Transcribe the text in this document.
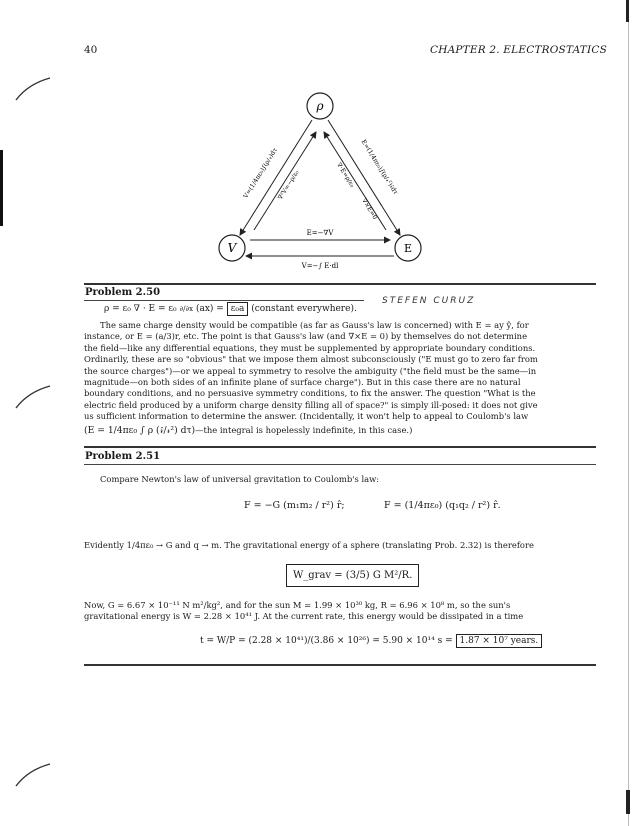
40	CHAPTER 2. ELECTROSTATICS
ρ
V	E
E=−∇V
V=−∫ E·dl
V=(1/4πε₀)∫(ρ/𝓇)dτ
∇²V=−ρ/ε₀	∇·E=ρ/ε₀
∇×E=0
E=(1/4πε₀)∫(ρ/𝓇²)𝓇̂dτ
Problem 2.50
STEFEN CURUZ
ρ = ε₀ ∇ · E = ε₀ ∂/∂x (ax) = ε₀a (constant everywhere).
The same charge density would be compatible (as far as Gauss's law is concerned) with E = ay ŷ, for
instance, or E = (a/3)r, etc. The point is that Gauss's law (and ∇×E = 0) by themselves do not determine
the field—like any differential equations, they must be supplemented by appropriate boundary conditions.
Ordinarily, these are so "obvious" that we impose them almost subconsciously ("E must go to zero far from
the source charges")—or we appeal to symmetry to resolve the ambiguity ("the field must be the same—in
magnitude—on both sides of an infinite plane of surface charge"). But in this case there are no natural
boundary conditions, and no persuasive symmetry conditions, to fix the answer. The question "What is the
electric field produced by a uniform charge density filling all of space?" is simply ill-posed: it does not give
us sufficient information to determine the answer. (Incidentally, it won't help to appeal to Coulomb's law
(E = 1/4πε₀ ∫ ρ (𝓇̂/𝓇²) dτ)—the integral is hopelessly indefinite, in this case.)
Problem 2.51
Compare Newton's law of universal gravitation to Coulomb's law:
F = −G (m₁m₂ / r²) r̂;	F = (1/4πε₀) (q₁q₂ / r²) r̂.
Evidently 1/4πε₀ → G and q → m. The gravitational energy of a sphere (translating Prob. 2.32) is therefore
W_grav = (3/5) G M²/R.
Now, G = 6.67 × 10⁻¹¹ N m²/kg², and for the sun M = 1.99 × 10³⁰ kg, R = 6.96 × 10⁸ m, so the sun's
gravitational energy is W = 2.28 × 10⁴¹ J. At the current rate, this energy would be dissipated in a time
t = W/P = (2.28 × 10⁴¹)/(3.86 × 10²⁶) = 5.90 × 10¹⁴ s = 1.87 × 10⁷ years.
